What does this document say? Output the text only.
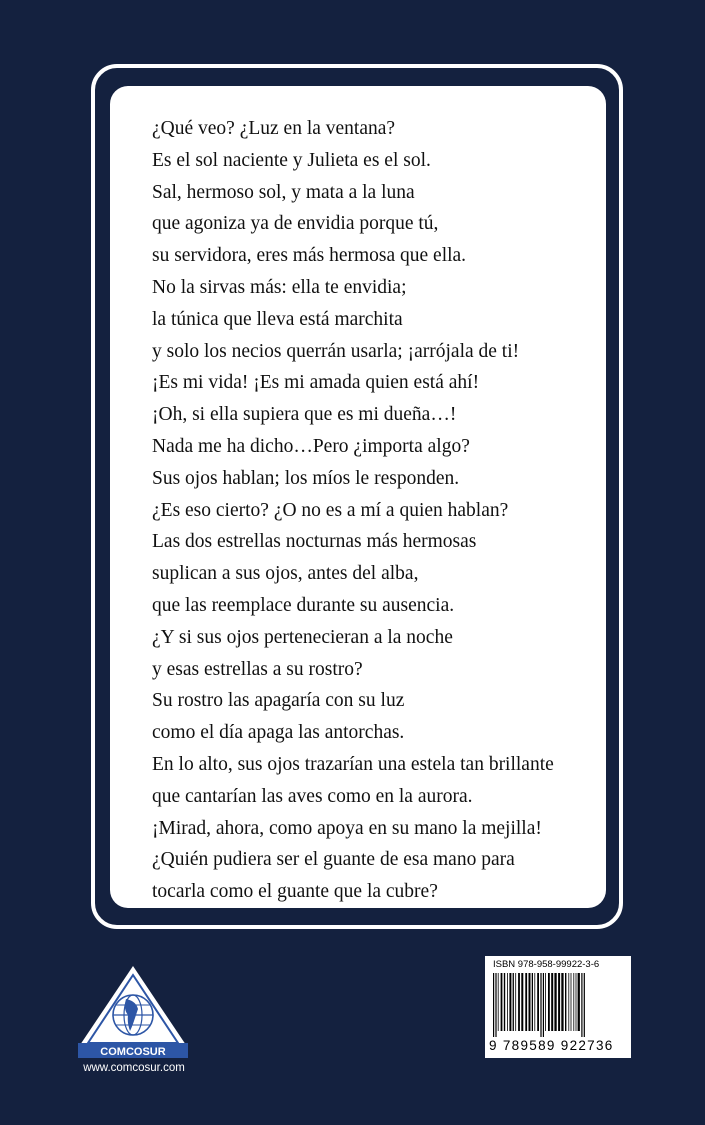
¿Qué veo? ¿Luz en la ventana?
Es el sol naciente y Julieta es el sol.
Sal, hermoso sol, y mata a la luna
que agoniza ya de envidia porque tú,
su servidora, eres más hermosa que ella.
No la sirvas más: ella te envidia;
la túnica que lleva está marchita
y solo los necios querrán usarla; ¡arrójala de ti!
¡Es mi vida! ¡Es mi amada quien está ahí!
¡Oh, si ella supiera que es mi dueña…!
Nada me ha dicho…Pero ¿importa algo?
Sus ojos hablan; los míos le responden.
¿Es eso cierto? ¿O no es a mí a quien hablan?
Las dos estrellas nocturnas más hermosas
suplican a sus ojos, antes del alba,
que las reemplace durante su ausencia.
¿Y si sus ojos pertenecieran a la noche
y esas estrellas a su rostro?
Su rostro las apagaría con su luz
como el día apaga las antorchas.
En lo alto, sus ojos trazarían una estela tan brillante
que cantarían las aves como en la aurora.
¡Mirad, ahora, como apoya en su mano la mejilla!
¿Quién pudiera ser el guante de esa mano para
tocarla como el guante que la cubre?
COMCOSUR
www.comcosur.com
ISBN 978-958-99922-3-6
9 789589 922736
